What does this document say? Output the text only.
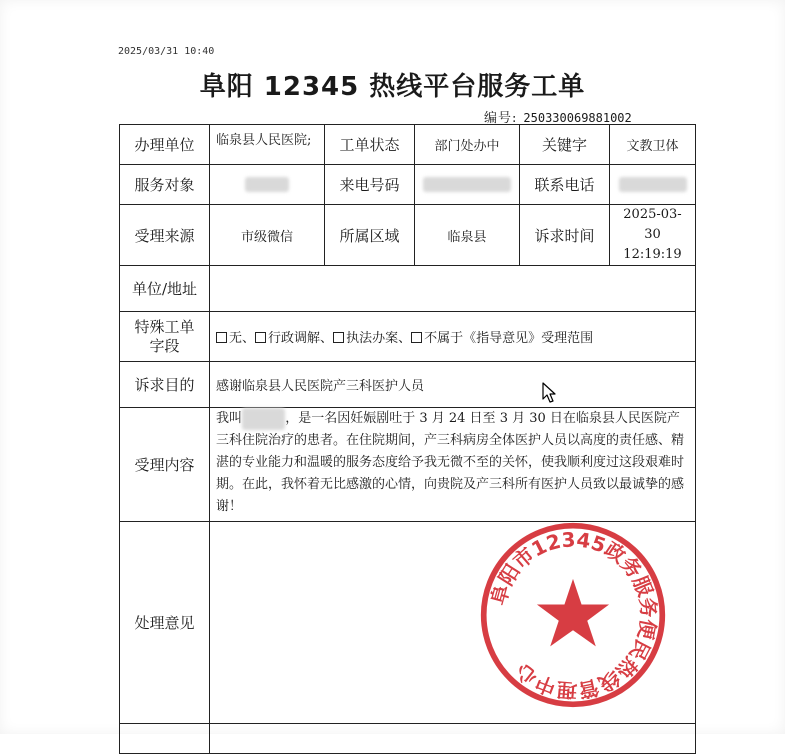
2025/03/31 10:40
阜阳 12345 热线平台服务工单
编号: 250330069881002
办理单位	临泉县人民医院;	工单状态	部门处办中	关键字	文教卫体
服务对象		来电号码		联系电话	
受理来源	市级微信	所属区域	临泉县	诉求时间	2025-03-30
12:19:19

单位/地址					

特殊工单
字段	无、 行政调解、 执法办案、 不属于《指导意见》受理范围				
诉求目的	感谢临泉县人民医院产三科医护人员				
受理内容	我叫 ，是一名因妊娠剧吐于 3 月 24 日至 3 月 30 日在临泉县人民医院产三科住院治疗的患者。在住院期间，产三科病房全体医护人员以高度的责任感、精湛的专业能力和温暖的服务态度给予我无微不至的关怀，使我顺利度过这段艰难时期。在此，我怀着无比感激的心情，向贵院及产三科所有医护人员致以最诚挚的感谢！				
处理意见					

阜阳市12345政务服务便民热线管理中心
